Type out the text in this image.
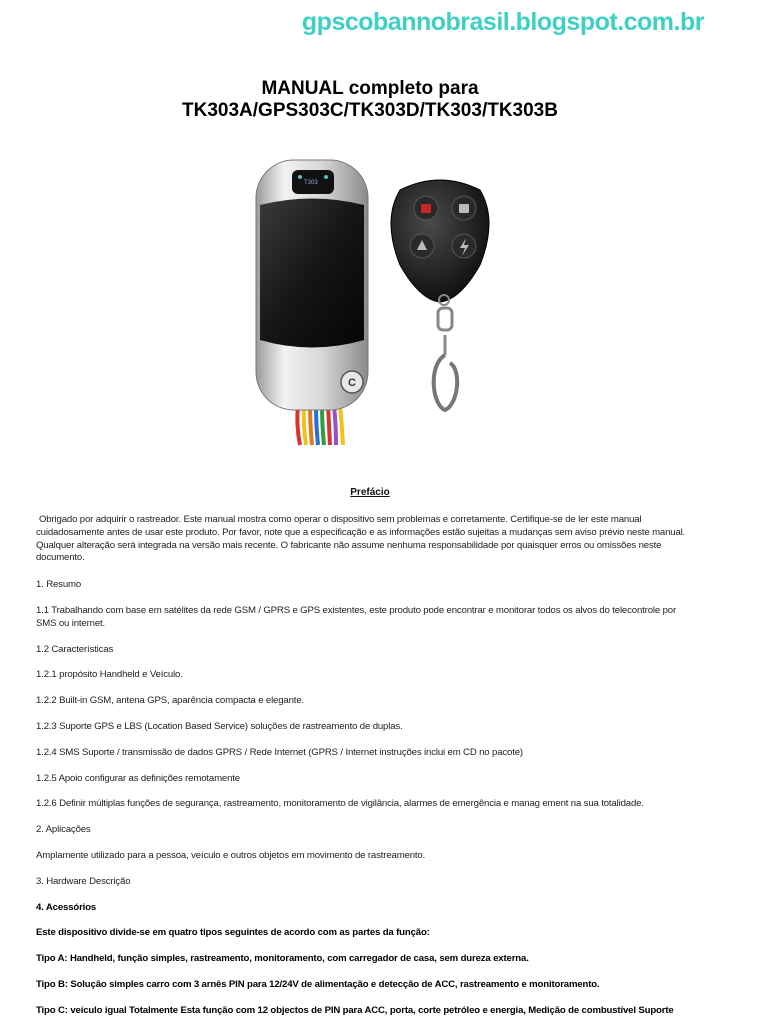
gpscobannobrasil.blogspot.com.br
MANUAL completo para
TK303A/GPS303C/TK303D/TK303/TK303B
T303
C
Prefácio

Obrigado por adquirir o rastreador. Este manual mostra como operar o dispositivo sem problemas e corretamente. Certifique-se de ler este manual cuidadosamente antes de usar este produto. Por favor, note que a especificação e as informações estão sujeitas a mudanças sem aviso prévio neste manual. Qualquer alteração será integrada na versão mais recente. O fabricante não assume nenhuma responsabilidade por quaisquer erros ou omissões neste documento.

1. Resumo

1.1 Trabalhando com base em satélites da rede GSM / GPRS e GPS existentes, este produto pode encontrar e monitorar todos os alvos do telecontrole por SMS ou internet.

1.2 Características

1.2.1 propósito Handheld e Veículo.

1.2.2 Built-in GSM, antena GPS, aparência compacta e elegante.

1.2.3 Suporte GPS e LBS (Location Based Service) soluções de rastreamento de duplas.

1.2.4 SMS Suporte / transmissão de dados GPRS / Rede Internet (GPRS / Internet instruções inclui em CD no pacote)

1.2.5 Apoio configurar as definições remotamente

1.2.6 Definir múltiplas funções de segurança, rastreamento, monitoramento de vigilância, alarmes de emergência e manag ement na sua totalidade.

2. Aplicações

Amplamente utilizado para a pessoa, veículo e outros objetos em movimento de rastreamento.

3. Hardware Descrição

4. Acessórios

Este dispositivo divide-se em quatro tipos seguintes de acordo com as partes da função:

Tipo A: Handheld, função simples, rastreamento, monitoramento, com carregador de casa, sem dureza externa.

Tipo B: Solução simples carro com 3 arnês PIN para 12/24V de alimentação e detecção de ACC, rastreamento e monitoramento.

Tipo C: veículo igual Totalmente Esta função com 12 objectos de PIN para ACC, porta, corte petróleo e energia, Medição de combustível Suporte
